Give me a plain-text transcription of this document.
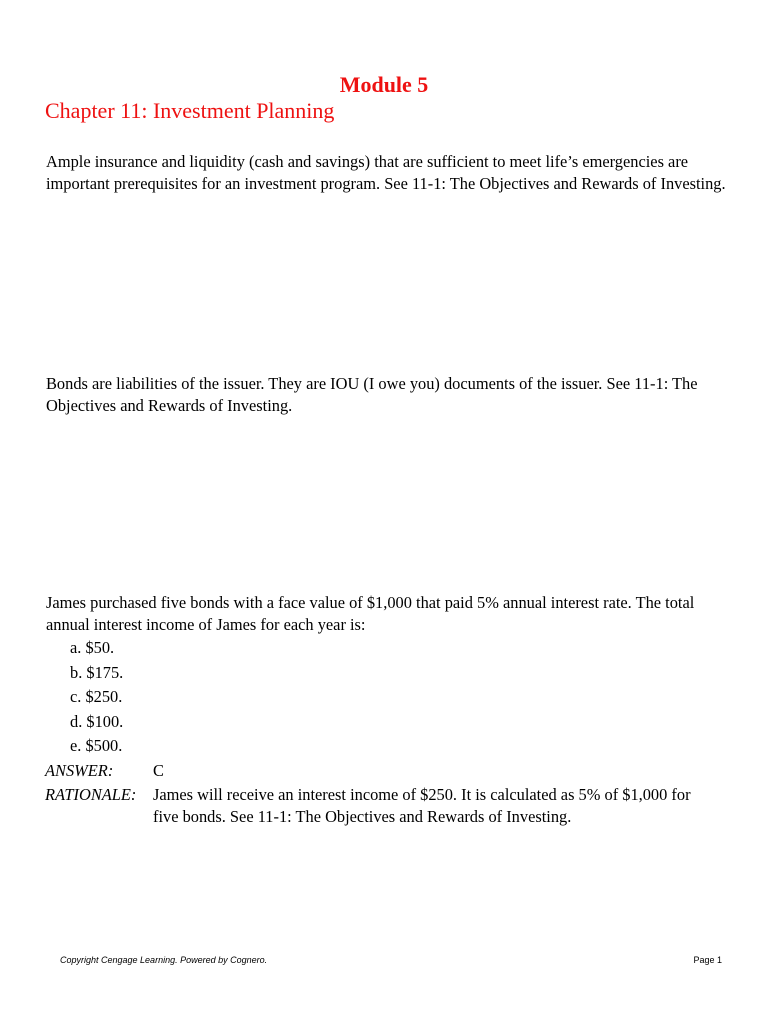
Module 5
Chapter 11: Investment Planning

Ample insurance and liquidity (cash and savings) that are sufficient to meet life’s emergencies are important prerequisites for an investment program. See 11-1: The Objectives and Rewards of Investing.

Bonds are liabilities of the issuer. They are IOU (I owe you) documents of the issuer. See 11-1: The Objectives and Rewards of Investing.

James purchased five bonds with a face value of $1,000 that paid 5% annual interest rate. The total annual interest income of James for each year is:

a. $50.
b. $175.
c. $250.
d. $100.
e. $500.
ANSWER:	C
RATIONALE:	James will receive an interest income of $250. It is calculated as 5% of $1,000 for five bonds. See 11-1: The Objectives and Rewards of Investing.
Copyright Cengage Learning. Powered by Cognero.	Page 1
